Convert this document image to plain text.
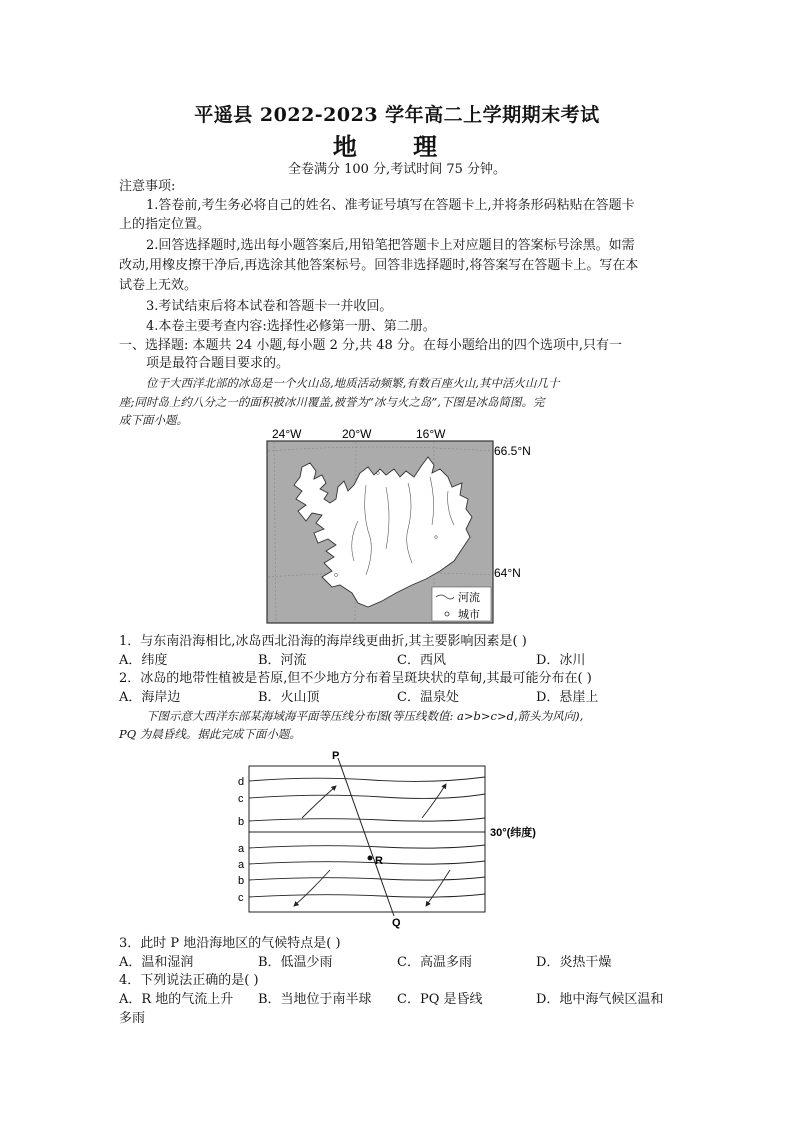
平遥县 2022-2023 学年高二上学期期末考试
地 理
全卷满分 100 分,考试时间 75 分钟。
注意事项:
1.答卷前,考生务必将自己的姓名、准考证号填写在答题卡上,并将条形码粘贴在答题卡
上的指定位置。
2.回答选择题时,选出每小题答案后,用铅笔把答题卡上对应题目的答案标号涂黑。如需
改动,用橡皮擦干净后,再选涂其他答案标号。回答非选择题时,将答案写在答题卡上。写在本
试卷上无效。
3.考试结束后将本试卷和答题卡一并收回。
4.本卷主要考查内容:选择性必修第一册、第二册。
一、选择题: 本题共 24 小题,每小题 2 分,共 48 分。在每小题给出的四个选项中,只有一
项是最符合题目要求的。
位于大西洋北部的冰岛是一个火山岛,地质活动频繁,有数百座火山,其中活火山几十
座;同时岛上约八分之一的面积被冰川覆盖,被誉为“冰与火之岛”,下图是冰岛简图。完
成下面小题。
24°W	20°W	16°W
66.5°N
64°N
河流
城市
1．与东南沿海相比,冰岛西北沿海的海岸线更曲折,其主要影响因素是( )
A．纬度	B．河流	C．西风	D．冰川
2．冰岛的地带性植被是苔原,但不少地方分布着呈斑块状的草甸,其最可能分布在( )
A．海岸边	B．火山顶	C．温泉处	D．悬崖上
下图示意大西洋东部某海域海平面等压线分布图(等压线数值: a>b>c>d,箭头为风向),
PQ 为晨昏线。据此完成下面小题。
R
P
Q
d
c
b
a
a
b
c
30°(纬度)
3．此时 P 地沿海地区的气候特点是( )
A．温和湿润	B．低温少雨	C．高温多雨	D．炎热干燥
4．下列说法正确的是( )
A．R 地的气流上升 B．当地位于南半球 C．PQ 是昏线	D．地中海气候区温和
多雨
